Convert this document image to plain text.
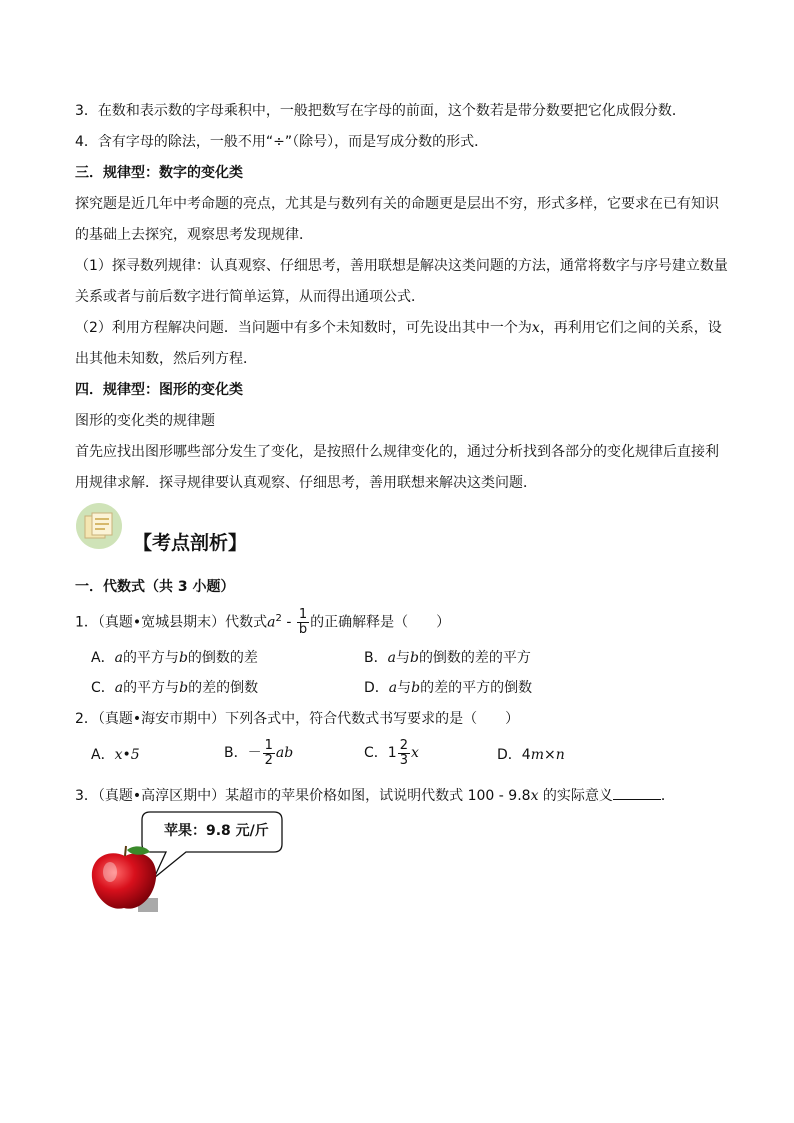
3．在数和表示数的字母乘积中，一般把数写在字母的前面，这个数若是带分数要把它化成假分数．
4．含有字母的除法，一般不用“÷”（除号），而是写成分数的形式．
三．规律型：数字的变化类
探究题是近几年中考命题的亮点，尤其是与数列有关的命题更是层出不穷，形式多样，它要求在已有知识
的基础上去探究，观察思考发现规律．
（1）探寻数列规律：认真观察、仔细思考，善用联想是解决这类问题的方法，通常将数字与序号建立数量
关系或者与前后数字进行简单运算，从而得出通项公式．
（2）利用方程解决问题．当问题中有多个未知数时，可先设出其中一个为x，再利用它们之间的关系，设
出其他未知数，然后列方程．
四．规律型：图形的变化类
图形的变化类的规律题
首先应找出图形哪些部分发生了变化，是按照什么规律变化的，通过分析找到各部分的变化规律后直接利
用规律求解．探寻规律要认真观察、仔细思考，善用联想来解决这类问题．
【考点剖析】
一．代数式（共 3 小题）
1．（真题•宽城县期末）代数式$a^2 - \frac{1}{b}$ 的正确解释是（　　）
A．a的平方与b的倒数的差	B．a与b的倒数的差的平方
C．a的平方与b的差的倒数	D．a与b的差的平方的倒数
2．（真题•海安市期中）下列各式中，符合代数式书写要求的是（　　）
A．x•5	B．－ $\frac{1}{2}$ ab	C．$1 \frac{2}{3}$ x	D．4m×n
3．（真题•高淳区期中）某超市的苹果价格如图，试说明代数式 100 - 9.8x 的实际意义	．
苹果：9.8 元/斤
